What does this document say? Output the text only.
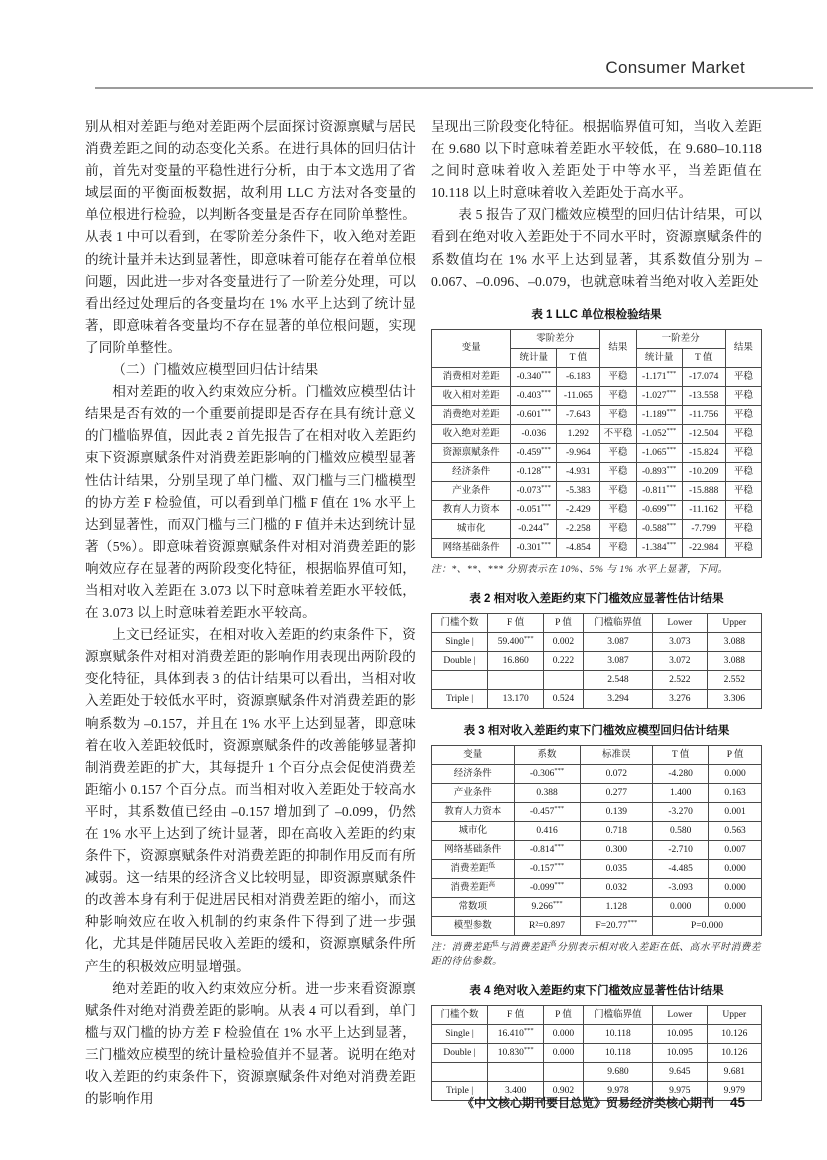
Consumer Market

别从相对差距与绝对差距两个层面探讨资源禀赋与居民消费差距之间的动态变化关系。在进行具体的回归估计前，首先对变量的平稳性进行分析，由于本文选用了省域层面的平衡面板数据，故利用 LLC 方法对各变量的单位根进行检验，以判断各变量是否存在同阶单整性。从表 1 中可以看到，在零阶差分条件下，收入绝对差距的统计量并未达到显著性，即意味着可能存在着单位根问题，因此进一步对各变量进行了一阶差分处理，可以看出经过处理后的各变量均在 1% 水平上达到了统计显著，即意味着各变量均不存在显著的单位根问题，实现了同阶单整性。

（二）门槛效应模型回归估计结果

相对差距的收入约束效应分析。门槛效应模型估计结果是否有效的一个重要前提即是否存在具有统计意义的门槛临界值，因此表 2 首先报告了在相对收入差距约束下资源禀赋条件对消费差距影响的门槛效应模型显著性估计结果，分别呈现了单门槛、双门槛与三门槛模型的协方差 F 检验值，可以看到单门槛 F 值在 1% 水平上达到显著性，而双门槛与三门槛的 F 值并未达到统计显著（5%）。即意味着资源禀赋条件对相对消费差距的影响效应存在显著的两阶段变化特征，根据临界值可知，当相对收入差距在 3.073 以下时意味着差距水平较低，在 3.073 以上时意味着差距水平较高。

上文已经证实，在相对收入差距的约束条件下，资源禀赋条件对相对消费差距的影响作用表现出两阶段的变化特征，具体到表 3 的估计结果可以看出，当相对收入差距处于较低水平时，资源禀赋条件对消费差距的影响系数为 –0.157，并且在 1% 水平上达到显著，即意味着在收入差距较低时，资源禀赋条件的改善能够显著抑制消费差距的扩大，其每提升 1 个百分点会促使消费差距缩小 0.157 个百分点。而当相对收入差距处于较高水平时，其系数值已经由 –0.157 增加到了 –0.099，仍然在 1% 水平上达到了统计显著，即在高收入差距的约束条件下，资源禀赋条件对消费差距的抑制作用反而有所减弱。这一结果的经济含义比较明显，即资源禀赋条件的改善本身有利于促进居民相对消费差距的缩小，而这种影响效应在收入机制的约束条件下得到了进一步强化，尤其是伴随居民收入差距的缓和，资源禀赋条件所产生的积极效应明显增强。

绝对差距的收入约束效应分析。进一步来看资源禀赋条件对绝对消费差距的影响。从表 4 可以看到，单门槛与双门槛的协方差 F 检验值在 1% 水平上达到显著，三门槛效应模型的统计量检验值并不显著。说明在绝对收入差距的约束条件下，资源禀赋条件对绝对消费差距的影响作用

呈现出三阶段变化特征。根据临界值可知，当收入差距在 9.680 以下时意味着差距水平较低，在 9.680–10.118 之间时意味着收入差距处于中等水平，当差距值在 10.118 以上时意味着收入差距处于高水平。

表 5 报告了双门槛效应模型的回归估计结果，可以看到在绝对收入差距处于不同水平时，资源禀赋条件的系数值均在 1% 水平上达到显著，其系数值分别为 –0.067、–0.096、–0.079，也就意味着当绝对收入差距处

表 1 LLC 单位根检验结果
变量	零阶差分		结果	一阶差分		结果
	统计量	T 值		统计量	T 值	
消费相对差距	-0.340***	-6.183	平稳	-1.171***	-17.074	平稳
收入相对差距	-0.403***	-11.065	平稳	-1.027***	-13.558	平稳
消费绝对差距	-0.601***	-7.643	平稳	-1.189***	-11.756	平稳
收入绝对差距	-0.036	1.292	不平稳	-1.052***	-12.504	平稳
资源禀赋条件	-0.459***	-9.964	平稳	-1.065***	-15.824	平稳
经济条件	-0.128***	-4.931	平稳	-0.893***	-10.209	平稳
产业条件	-0.073***	-5.383	平稳	-0.811***	-15.888	平稳
教育人力资本	-0.051***	-2.429	平稳	-0.699***	-11.162	平稳
城市化	-0.244**	-2.258	平稳	-0.588***	-7.799	平稳
网络基础条件	-0.301***	-4.854	平稳	-1.384***	-22.984	平稳
注：*、**、*** 分别表示在 10%、5% 与 1% 水平上显著，下同。
表 2 相对收入差距约束下门槛效应显著性估计结果
门槛个数	F 值	P 值	门槛临界值	Lower	Upper
Single |	59.400***	0.002	3.087	3.073	3.088
Double |	16.860	0.222	3.087	3.072	3.088
			2.548	2.522	2.552
Triple |	13.170	0.524	3.294	3.276	3.306
表 3 相对收入差距约束下门槛效应模型回归估计结果
变量	系数	标准误	T 值	P 值
经济条件	-0.306***	0.072	-4.280	0.000
产业条件	0.388	0.277	1.400	0.163
教育人力资本	-0.457***	0.139	-3.270	0.001
城市化	0.416	0.718	0.580	0.563
网络基础条件	-0.814***	0.300	-2.710	0.007
消费差距$^低$	-0.157***	0.035	-4.485	0.000
消费差距$^高$	-0.099***	0.032	-3.093	0.000
常数项	9.266***	1.128	0.000	0.000
模型参数	R²=0.897	F=20.77***	P=0.000	
注：消费差距$^低$与消费差距$^高$分别表示相对收入差距在低、高水平时消费差距的待估参数。
表 4 绝对收入差距约束下门槛效应显著性估计结果
门槛个数	F 值	P 值	门槛临界值	Lower	Upper
Single |	16.410***	0.000	10.118	10.095	10.126
Double |	10.830***	0.000	10.118	10.095	10.126
			9.680	9.645	9.681
Triple |	3.400	0.902	9.978	9.975	9.979
《中文核心期刊要目总览》贸易经济类核心期刊 45
